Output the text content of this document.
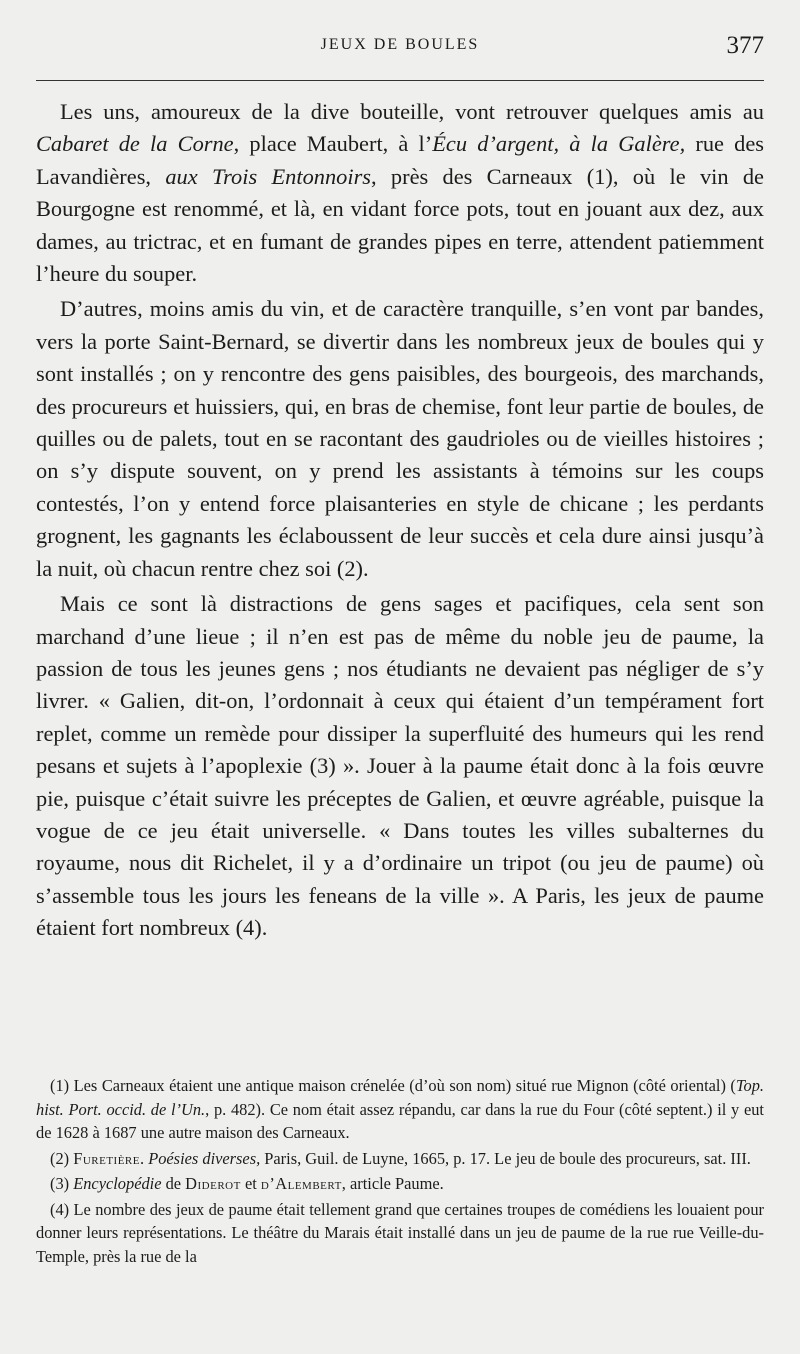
JEUX DE BOULES	377

Les uns, amoureux de la dive bouteille, vont retrouver quelques amis au Cabaret de la Corne, place Maubert, à l’Écu d’argent, à la Galère, rue des Lavandières, aux Trois Entonnoirs, près des Carneaux (1), où le vin de Bourgogne est renommé, et là, en vidant force pots, tout en jouant aux dez, aux dames, au trictrac, et en fumant de grandes pipes en terre, attendent patiemment l’heure du souper.

D’autres, moins amis du vin, et de caractère tranquille, s’en vont par bandes, vers la porte Saint-Bernard, se divertir dans les nombreux jeux de boules qui y sont installés ; on y rencontre des gens paisibles, des bourgeois, des marchands, des procureurs et huissiers, qui, en bras de chemise, font leur partie de boules, de quilles ou de palets, tout en se racontant des gaudrioles ou de vieilles histoires ; on s’y dispute souvent, on y prend les assistants à témoins sur les coups contestés, l’on y entend force plaisanteries en style de chicane ; les perdants grognent, les gagnants les éclaboussent de leur succès et cela dure ainsi jusqu’à la nuit, où chacun rentre chez soi (2).

Mais ce sont là distractions de gens sages et pacifiques, cela sent son marchand d’une lieue ; il n’en est pas de même du noble jeu de paume, la passion de tous les jeunes gens ; nos étudiants ne devaient pas négliger de s’y livrer. « Galien, dit-on, l’ordonnait à ceux qui étaient d’un tempérament fort replet, comme un remède pour dissiper la superfluité des humeurs qui les rend pesans et sujets à l’apoplexie (3) ». Jouer à la paume était donc à la fois œuvre pie, puisque c’était suivre les préceptes de Galien, et œuvre agréable, puisque la vogue de ce jeu était universelle. « Dans toutes les villes subalternes du royaume, nous dit Richelet, il y a d’ordinaire un tripot (ou jeu de paume) où s’assemble tous les jours les feneans de la ville ». A Paris, les jeux de paume étaient fort nombreux (4).

(1) Les Carneaux étaient une antique maison crénelée (d’où son nom) situé rue Mignon (côté oriental) (Top. hist. Port. occid. de l’Un., p. 482). Ce nom était assez répandu, car dans la rue du Four (côté septent.) il y eut de 1628 à 1687 une autre maison des Carneaux.

(2) Furetière. Poésies diverses, Paris, Guil. de Luyne, 1665, p. 17. Le jeu de boule des procureurs, sat. III.

(3) Encyclopédie de Diderot et d’Alembert, article Paume.

(4) Le nombre des jeux de paume était tellement grand que certaines troupes de comédiens les louaient pour donner leurs représentations. Le théâtre du Marais était installé dans un jeu de paume de la rue rue Veille-du-Temple, près la rue de la
